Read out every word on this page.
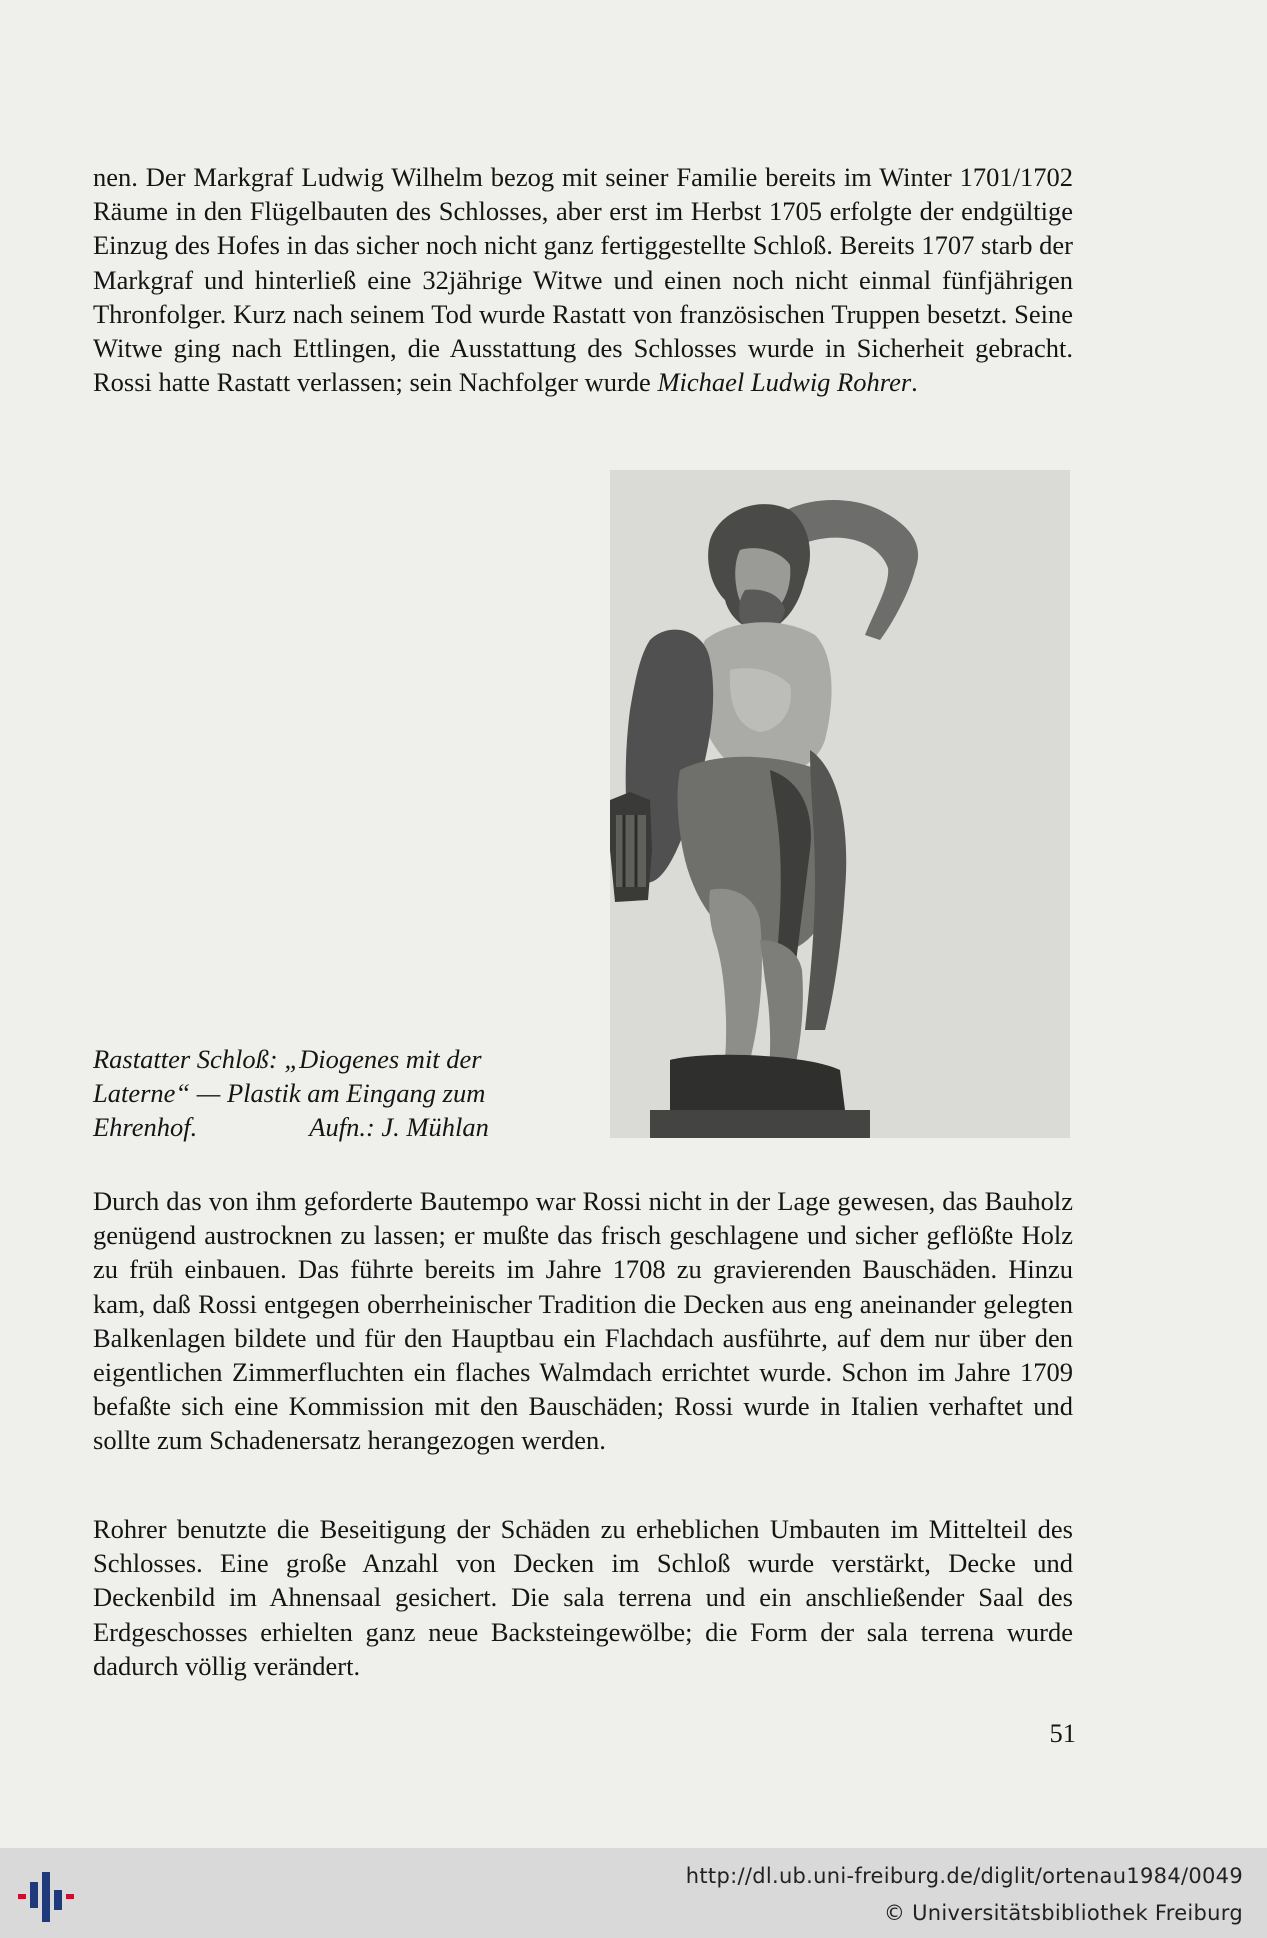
nen. Der Markgraf Ludwig Wilhelm bezog mit seiner Familie bereits im Winter 1701/1702 Räume in den Flügelbauten des Schlosses, aber erst im Herbst 1705 erfolgte der endgültige Einzug des Hofes in das sicher noch nicht ganz fertiggestellte Schloß. Bereits 1707 starb der Markgraf und hinterließ eine 32jährige Witwe und einen noch nicht einmal fünfjährigen Thronfolger. Kurz nach seinem Tod wurde Rastatt von französischen Truppen besetzt. Seine Witwe ging nach Ettlingen, die Ausstattung des Schlosses wurde in Sicherheit gebracht. Rossi hatte Rastatt verlassen; sein Nachfolger wurde Michael Ludwig Rohrer.

Rastatter Schloß: „Diogenes mit der
Laterne“ — Plastik am Eingang zum
Ehrenhof.	Aufn.: J. Mühlan

Durch das von ihm geforderte Bautempo war Rossi nicht in der Lage gewesen, das Bauholz genügend austrocknen zu lassen; er mußte das frisch geschlagene und sicher geflößte Holz zu früh einbauen. Das führte bereits im Jahre 1708 zu gravierenden Bauschäden. Hinzu kam, daß Rossi entgegen oberrheinischer Tradition die Decken aus eng aneinander gelegten Balkenlagen bildete und für den Hauptbau ein Flachdach ausführte, auf dem nur über den eigentlichen Zimmerfluchten ein flaches Walmdach errichtet wurde. Schon im Jahre 1709 befaßte sich eine Kommission mit den Bauschäden; Rossi wurde in Italien verhaftet und sollte zum Schadenersatz herangezogen werden.

Rohrer benutzte die Beseitigung der Schäden zu erheblichen Umbauten im Mittelteil des Schlosses. Eine große Anzahl von Decken im Schloß wurde verstärkt, Decke und Deckenbild im Ahnensaal gesichert. Die sala terrena und ein anschließender Saal des Erdgeschosses erhielten ganz neue Backsteingewölbe; die Form der sala terrena wurde dadurch völlig verändert.

51
http://dl.ub.uni-freiburg.de/diglit/ortenau1984/0049
© Universitätsbibliothek Freiburg
